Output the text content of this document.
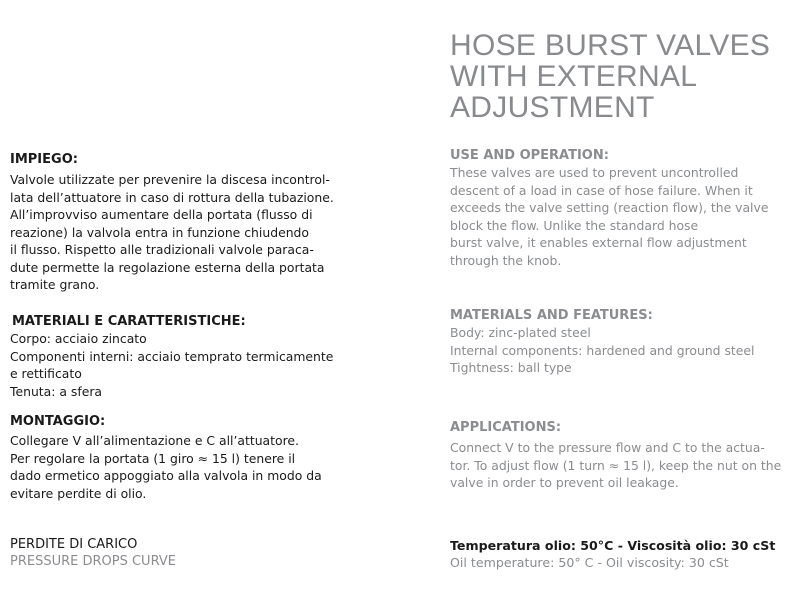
HOSE BURST VALVES
WITH EXTERNAL
ADJUSTMENT

IMPIEGO:

Valvole utilizzate per prevenire la discesa incontrol-
lata dell’attuatore in caso di rottura della tubazione.
All’improvviso aumentare della portata (flusso di
reazione) la valvola entra in funzione chiudendo
il flusso. Rispetto alle tradizionali valvole paraca-
dute permette la regolazione esterna della portata
tramite grano.

MATERIALI E CARATTERISTICHE:

Corpo: acciaio zincato
Componenti interni: acciaio temprato termicamente
e rettificato
Tenuta: a sfera

MONTAGGIO:

Collegare V all’alimentazione e C all’attuatore.
Per regolare la portata (1 giro ≈ 15 l) tenere il
dado ermetico appoggiato alla valvola in modo da
evitare perdite di olio.

PERDITE DI CARICO

PRESSURE DROPS CURVE

USE AND OPERATION:

These valves are used to prevent uncontrolled
descent of a load in case of hose failure. When it
exceeds the valve setting (reaction flow), the valve
block the flow. Unlike the standard hose
burst valve, it enables external flow adjustment
through the knob.

MATERIALS AND FEATURES:

Body: zinc-plated steel
Internal components: hardened and ground steel
Tightness: ball type

APPLICATIONS:

Connect V to the pressure flow and C to the actua-
tor. To adjust flow (1 turn ≈ 15 l), keep the nut on the
valve in order to prevent oil leakage.

Temperatura olio: 50°C - Viscosità olio: 30 cSt

Oil temperature: 50° C - Oil viscosity: 30 cSt
